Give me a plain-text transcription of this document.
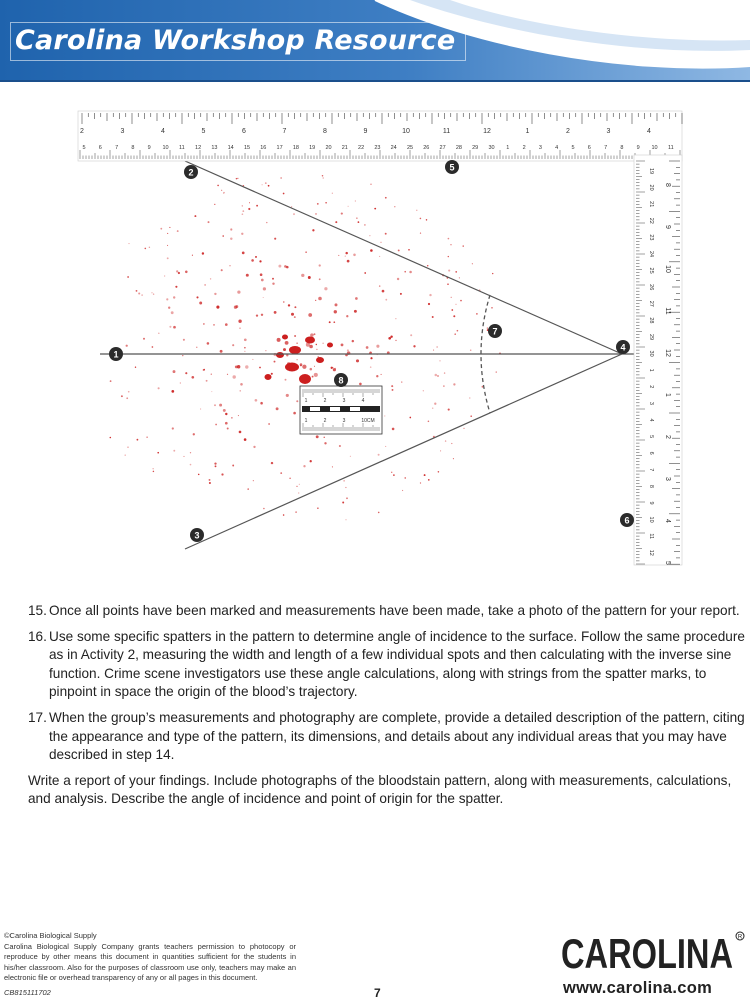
Carolina Workshop Resource
2	3	4	5	6	7	8	9	10	11	12	1	2	3	4
5 6 7 8 9 10 11 12 13 14 15 16 17 18 19 20 21 22 23 24 25 26 27 28 29 30 1 2 3 4 5 6 7 8 9 10 11
19
20
21
22
23
24
25
26
27
28
29
30
1
2
3
4
5
6
7
8
9
10
11
12
8
9
10
11
12
1
2
3
4
5
1	2	3	4
1	2	3	10CM
1
2
3
4
5
6
7
8
15. Once all points have been marked and measurements have been made, take a photo of the pattern for your report.
16. Use some specific spatters in the pattern to determine angle of incidence to the surface. Follow the same procedure as in Activity 2, measuring the width and length of a few individual spots and then calculating with the inverse sine function. Crime scene investigators use these angle calculations, along with strings from the spatter marks, to pinpoint in space the origin of the blood’s trajectory.
17. When the group’s measurements and photography are complete, provide a detailed description of the pattern, citing the appearance and type of the pattern, its dimensions, and details about any individual areas that you may have described in step 14.
Write a report of your findings. Include photographs of the bloodstain pattern, along with measurements, calculations, and analysis. Describe the angle of incidence and point of origin for the spatter.
©Carolina Biological Supply
Carolina Biological Supply Company grants teachers permission to photocopy or reproduce by other means this document in quantities sufficient for the students in his/her classroom. Also for the purposes of classroom use only, teachers may make an electronic file or overhead transparency of any or all pages in this document.
CB815111702	7
CAROLINA R
www.carolina.com
